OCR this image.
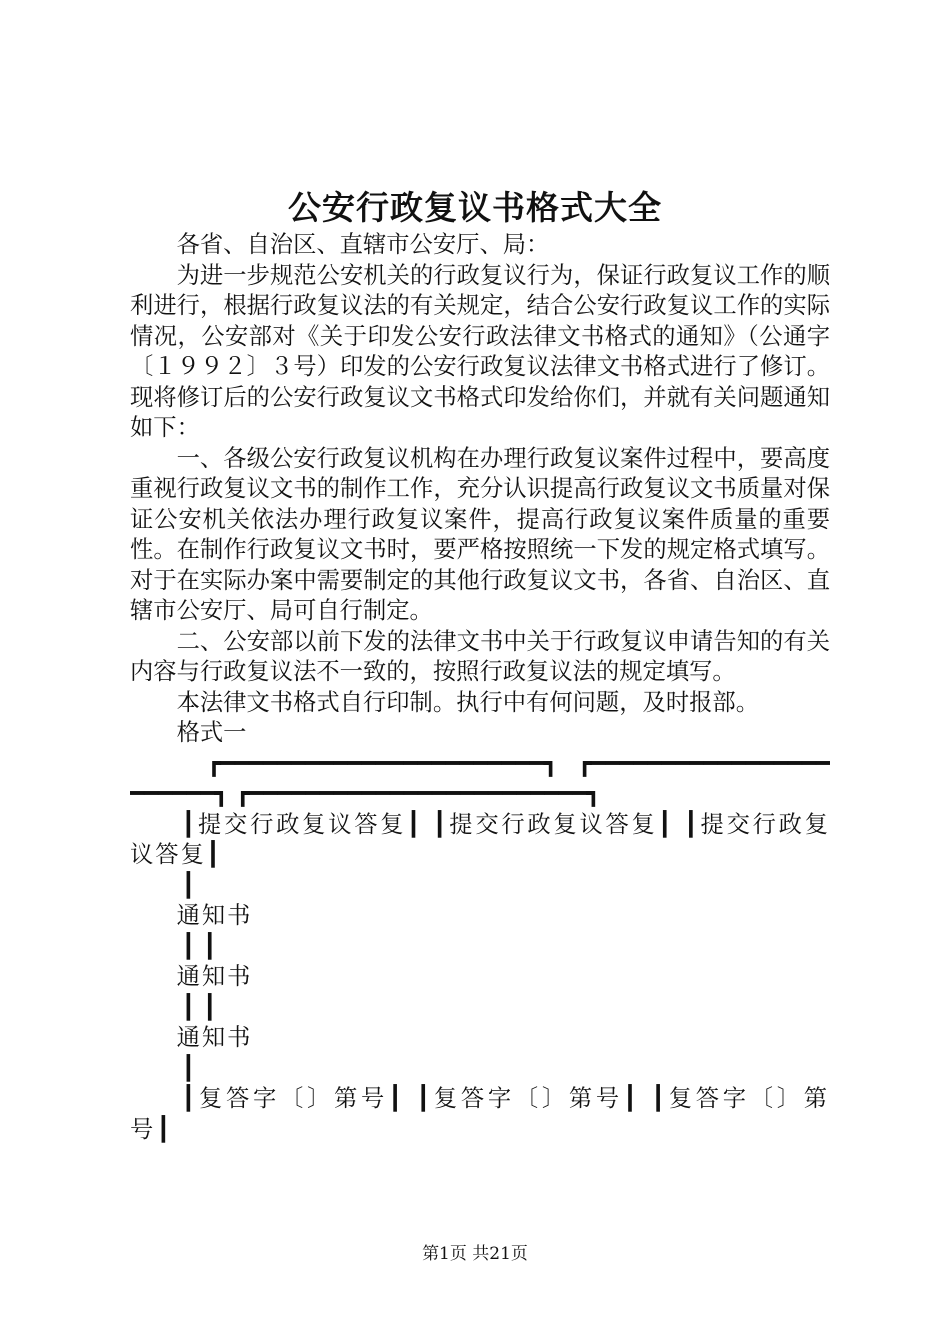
公安行政复议书格式大全

各省、自治区、直辖市公安厅、局：

为进一步规范公安机关的行政复议行为，保证行政复议工作的顺利进行，根据行政复议法的有关规定，结合公安行政复议工作的实际情况，公安部对《关于印发公安行政法律文书格式的通知》（公通字〔１９９２〕３号）印发的公安行政复议法律文书格式进行了修订。现将修订后的公安行政复议文书格式印发给你们，并就有关问题通知如下：

一、各级公安行政复议机构在办理行政复议案件过程中，要高度重视行政复议文书的制作工作，充分认识提高行政复议文书质量对保证公安机关依法办理行政复议案件，提高行政复议案件质量的重要性。在制作行政复议文书时，要严格按照统一下发的规定格式填写。对于在实际办案中需要制定的其他行政复议文书，各省、自治区、直辖市公安厅、局可自行制定。

二、公安部以前下发的法律文书中关于行政复议申请告知的有关内容与行政复议法不一致的，按照行政复议法的规定填写。

本法律文书格式自行印制。执行中有何问题，及时报部。

格式一

┏━━━━━━━━━━━━━━━━━━━━━━━┓ ┏━━━━━━━━━━━━━━━━━━━━━━━┓ ┏━━━━━━━━━━━━━━━━━━━━━━━━┓

┃提交行政复议答复┃ ┃提交行政复议答复┃ ┃提交行政复议答复┃

┃

通知书

┃ ┃

通知书

┃ ┃

通知书

┃

┃复答字〔〕第号┃ ┃复答字〔〕第号┃ ┃复答字〔〕第号┃

第1页 共21页
